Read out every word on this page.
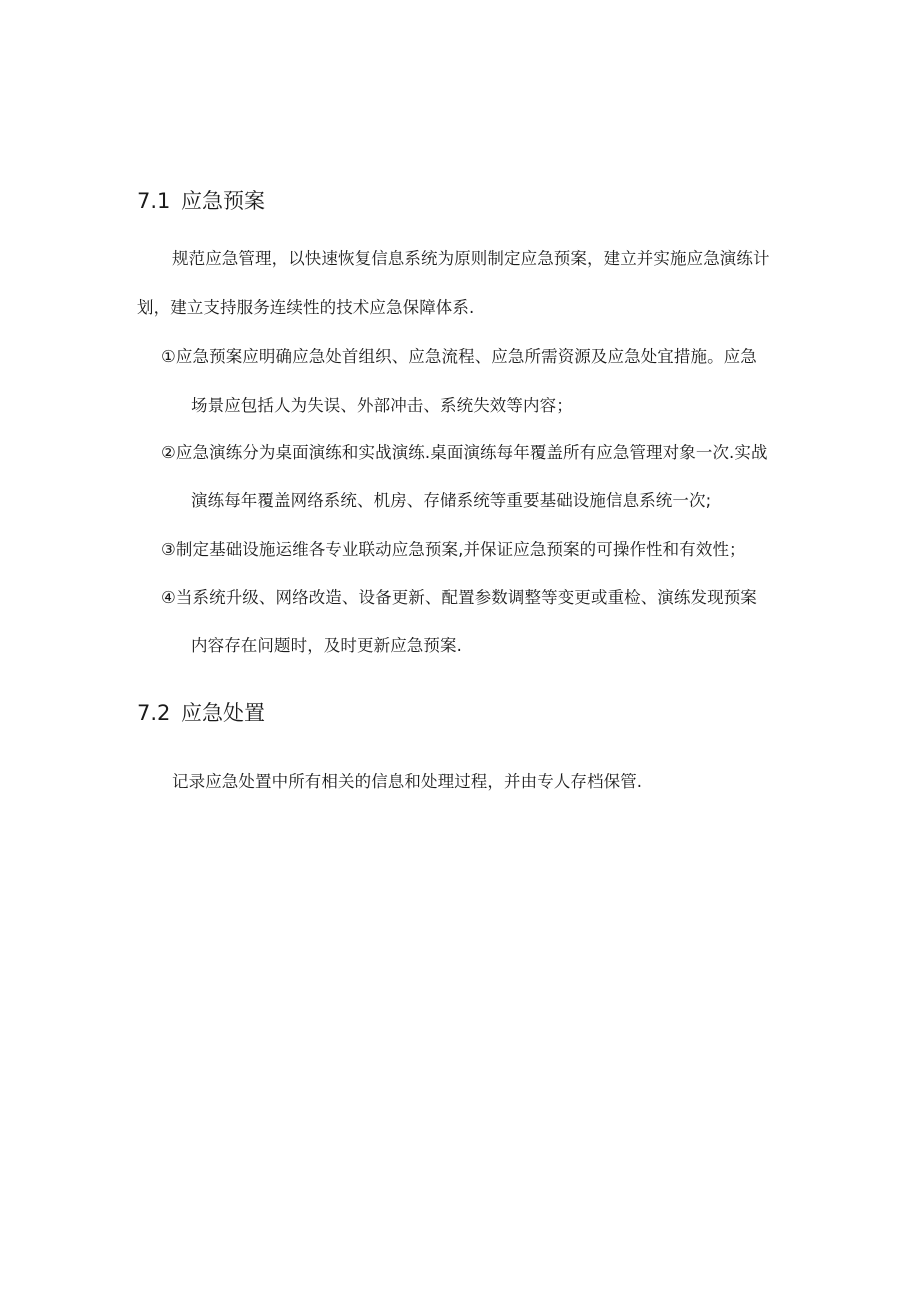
7.1 应急预案
规范应急管理，以快速恢复信息系统为原则制定应急预案，建立并实施应急演练计
划，建立支持服务连续性的技术应急保障体系.
①应急预案应明确应急处首组织、应急流程、应急所需资源及应急处宜措施。应急
场景应包括人为失误、外部冲击、系统失效等内容；
②应急演练分为桌面演练和实战演练.桌面演练每年覆盖所有应急管理对象一次.实战
演练每年覆盖网络系统、机房、存储系统等重要基础设施信息系统一次;
③制定基础设施运维各专业联动应急预案,并保证应急预案的可操作性和有效性；
④当系统升级、网络改造、设备更新、配置参数调整等变更或重检、演练发现预案
内容存在问题时，及时更新应急预案.
7.2 应急处置
记录应急处置中所有相关的信息和处理过程，并由专人存档保管.
